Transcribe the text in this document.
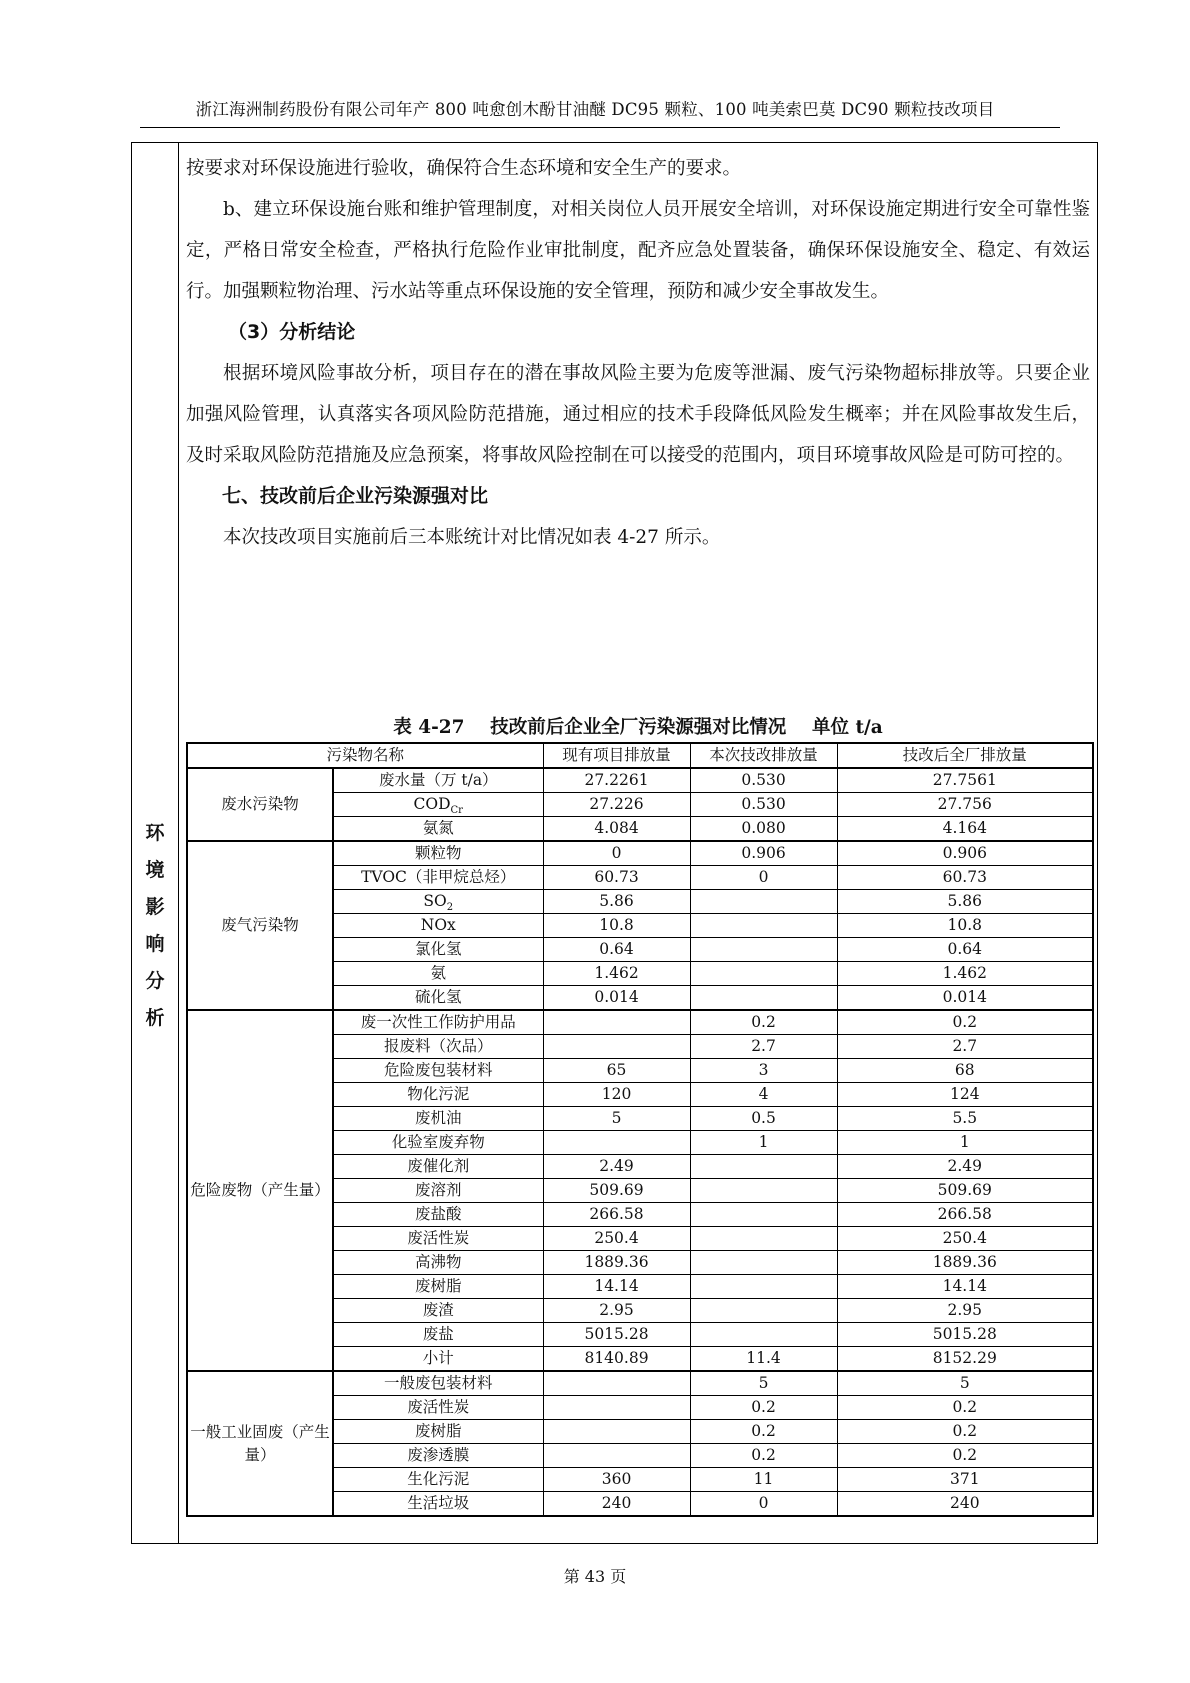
浙江海洲制药股份有限公司年产 800 吨愈创木酚甘油醚 DC95 颗粒、100 吨美索巴莫 DC90 颗粒技改项目
环
境
影
响
分
析

按要求对环保设施进行验收，确保符合生态环境和安全生产的要求。

b、建立环保设施台账和维护管理制度，对相关岗位人员开展安全培训，对环保设施定期进行安全可靠性鉴定，严格日常安全检查，严格执行危险作业审批制度，配齐应急处置装备，确保环保设施安全、稳定、有效运行。加强颗粒物治理、污水站等重点环保设施的安全管理，预防和减少安全事故发生。

（3）分析结论

根据环境风险事故分析，项目存在的潜在事故风险主要为危废等泄漏、废气污染物超标排放等。只要企业加强风险管理，认真落实各项风险防范措施，通过相应的技术手段降低风险发生概率；并在风险事故发生后，及时采取风险防范措施及应急预案，将事故风险控制在可以接受的范围内，项目环境事故风险是可防可控的。

七、技改前后企业污染源强对比

本次技改项目实施前后三本账统计对比情况如表 4-27 所示。

表 4-27    技改前后企业全厂污染源强对比情况    单位 t/a
污染物名称		现有项目排放量	本次技改排放量	技改后全厂排放量
废水污染物	废水量（万 t/a）	27.2261	0.530	27.7561
	$COD_{Cr}$	27.226	0.530	27.756
	氨氮	4.084	0.080	4.164
废气污染物	颗粒物	0	0.906	0.906
	TVOC（非甲烷总烃）	60.73	0	60.73
	$SO_2$	5.86		5.86
	NOx	10.8		10.8
	氯化氢	0.64		0.64
	氨	1.462		1.462
	硫化氢	0.014		0.014
危险废物（产生量）	废一次性工作防护用品		0.2	0.2
	报废料（次品）		2.7	2.7
	危险废包装材料	65	3	68
	物化污泥	120	4	124
	废机油	5	0.5	5.5
	化验室废弃物		1	1
	废催化剂	2.49		2.49
	废溶剂	509.69		509.69
	废盐酸	266.58		266.58
	废活性炭	250.4		250.4
	高沸物	1889.36		1889.36
	废树脂	14.14		14.14
	废渣	2.95		2.95
	废盐	5015.28		5015.28
	小计	8140.89	11.4	8152.29
一般工业固废（产生量）	一般废包装材料		5	5
	废活性炭		0.2	0.2
	废树脂		0.2	0.2
	废渗透膜		0.2	0.2
	生化污泥	360	11	371
	生活垃圾	240	0	240
第 43 页
